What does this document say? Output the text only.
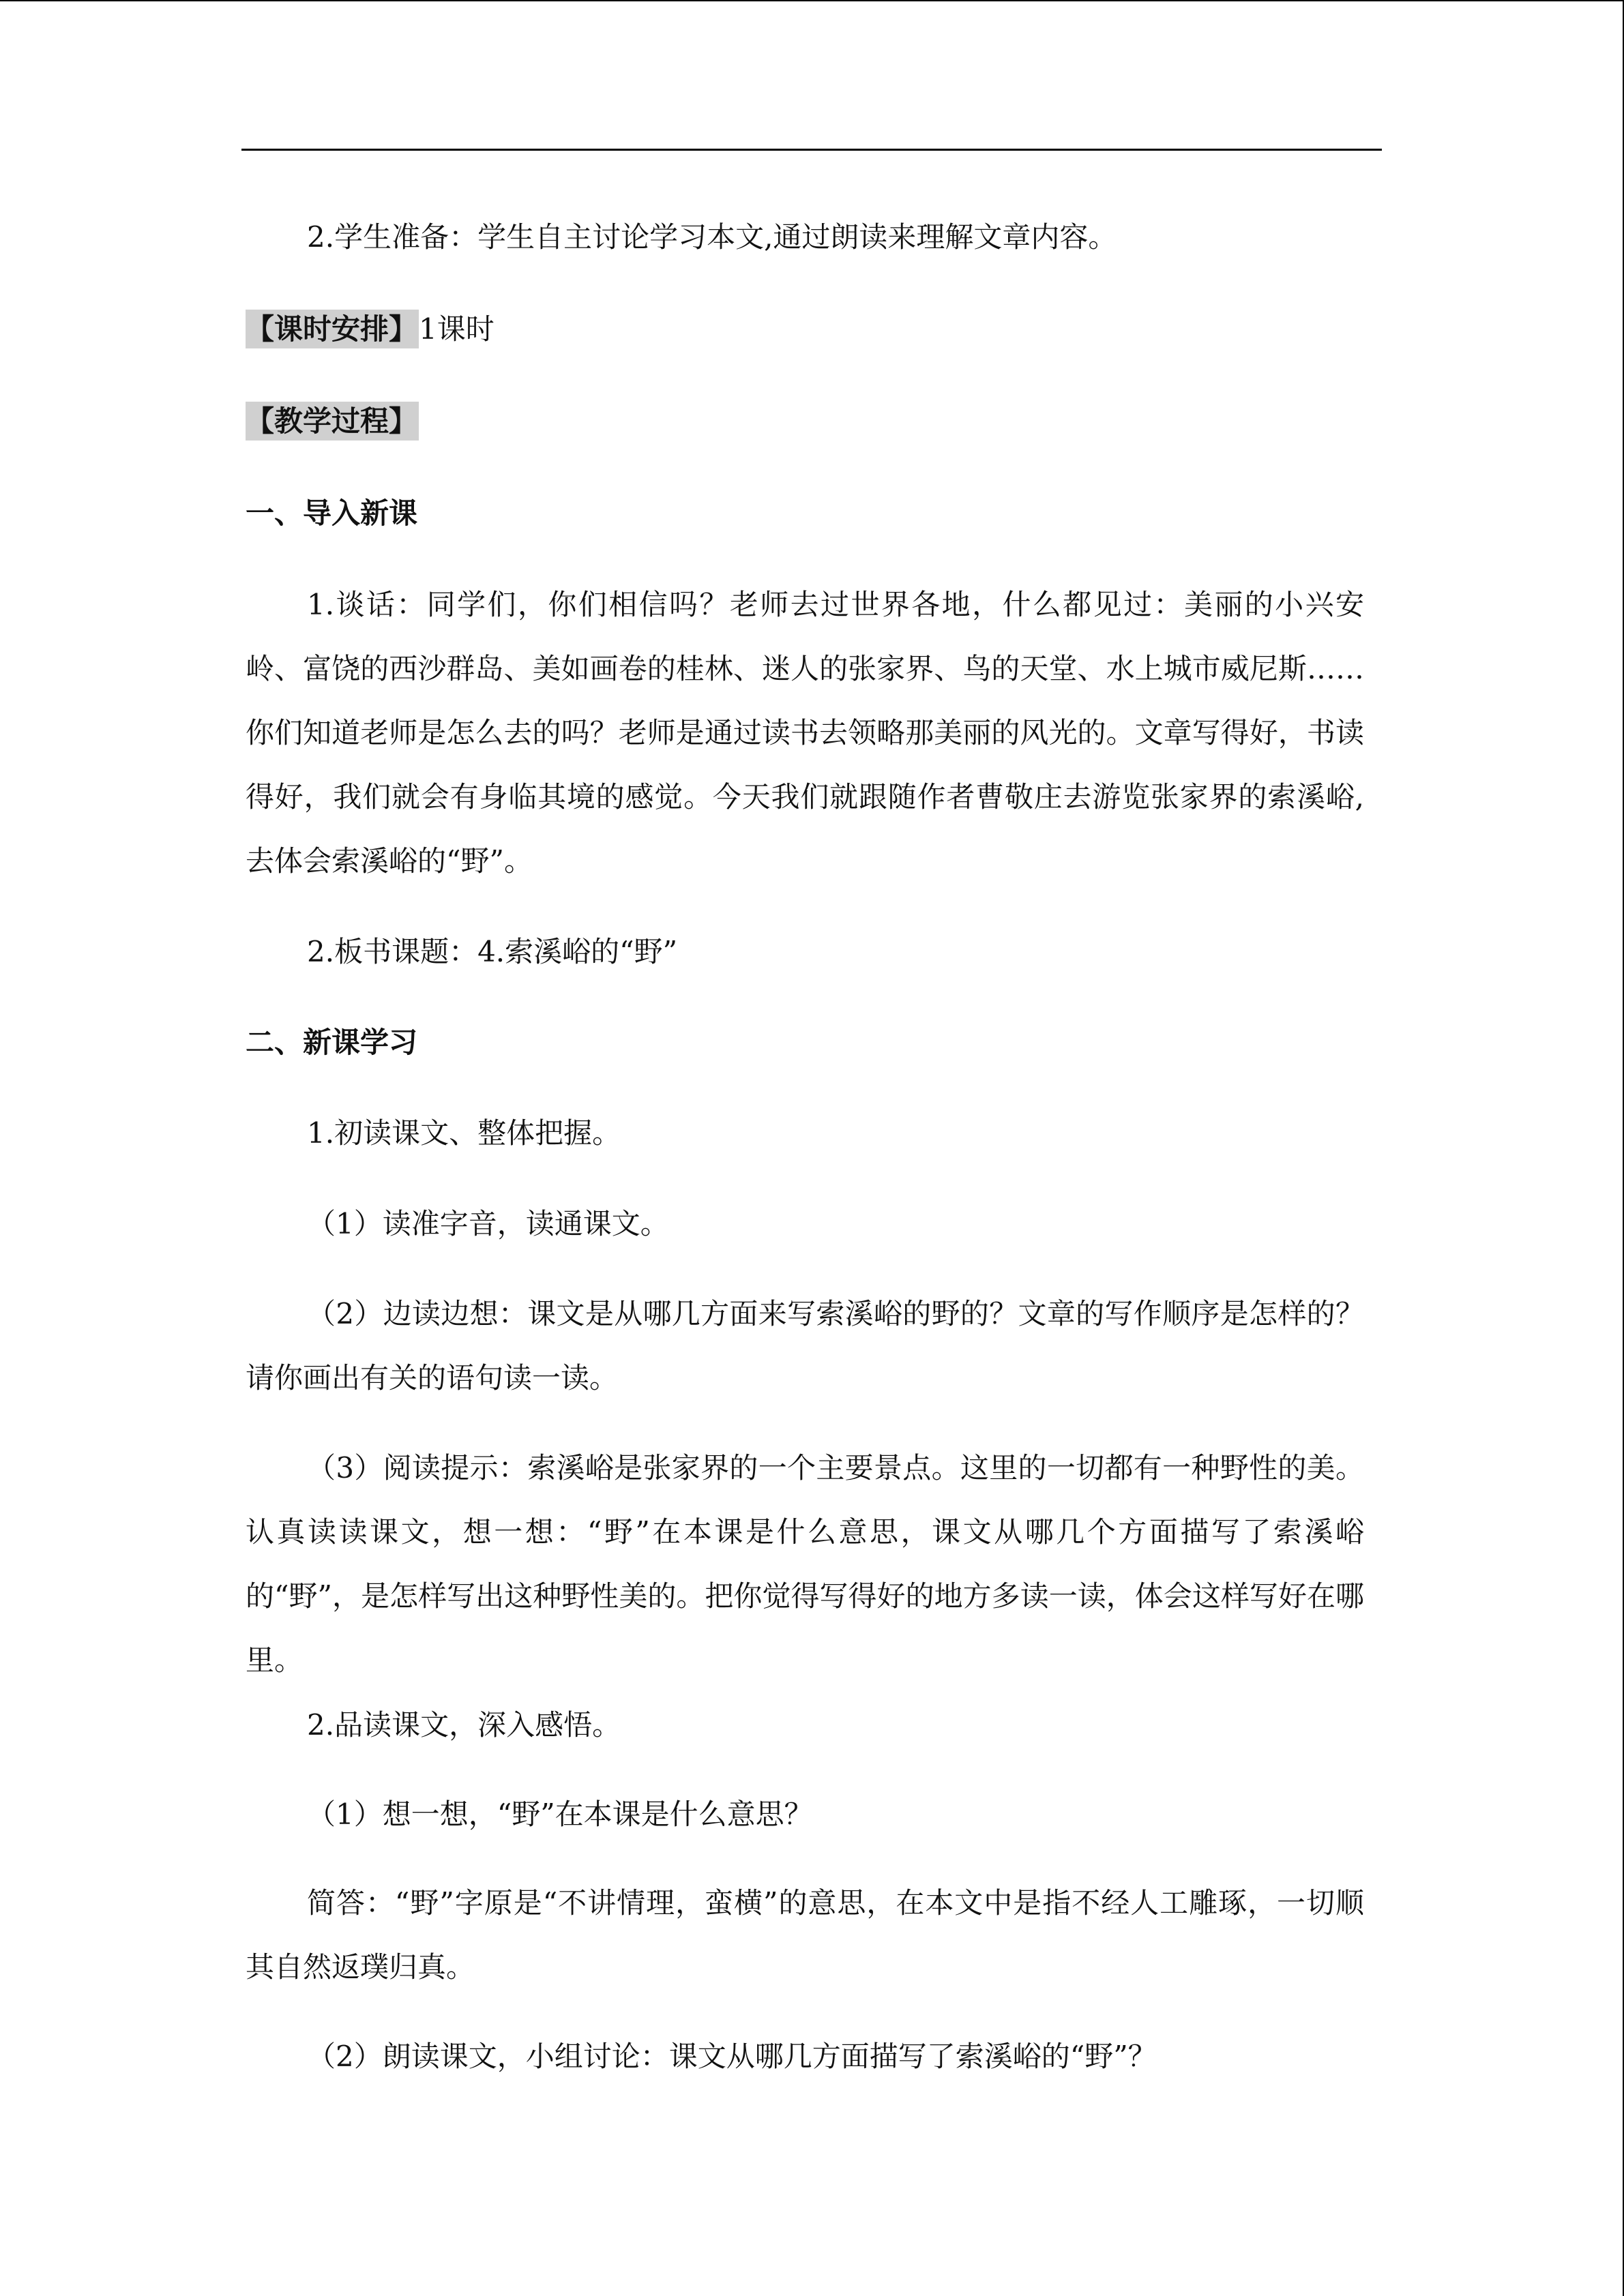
2.学生准备：学生自主讨论学习本文,通过朗读来理解文章内容。

【课时安排】1课时

【教学过程】

一、导入新课

1.谈话：同学们，你们相信吗？老师去过世界各地，什么都见过：美丽的小兴安岭、富饶的西沙群岛、美如画卷的桂林、迷人的张家界、鸟的天堂、水上城市威尼斯……你们知道老师是怎么去的吗？老师是通过读书去领略那美丽的风光的。文章写得好，书读得好，我们就会有身临其境的感觉。今天我们就跟随作者曹敬庄去游览张家界的索溪峪,去体会索溪峪的“野”。

2.板书课题：4.索溪峪的“野”

二、新课学习

1.初读课文、整体把握。

（1）读准字音，读通课文。

（2）边读边想：课文是从哪几方面来写索溪峪的野的？文章的写作顺序是怎样的？请你画出有关的语句读一读。

（3）阅读提示：索溪峪是张家界的一个主要景点。这里的一切都有一种野性的美。认真读读课文，想一想：“野”在本课是什么意思，课文从哪几个方面描写了索溪峪的“野”，是怎样写出这种野性美的。把你觉得写得好的地方多读一读，体会这样写好在哪里。

2.品读课文，深入感悟。

（1）想一想，“野”在本课是什么意思？

简答：“野”字原是“不讲情理，蛮横”的意思，在本文中是指不经人工雕琢，一切顺其自然返璞归真。

（2）朗读课文，小组讨论：课文从哪几方面描写了索溪峪的“野”？
